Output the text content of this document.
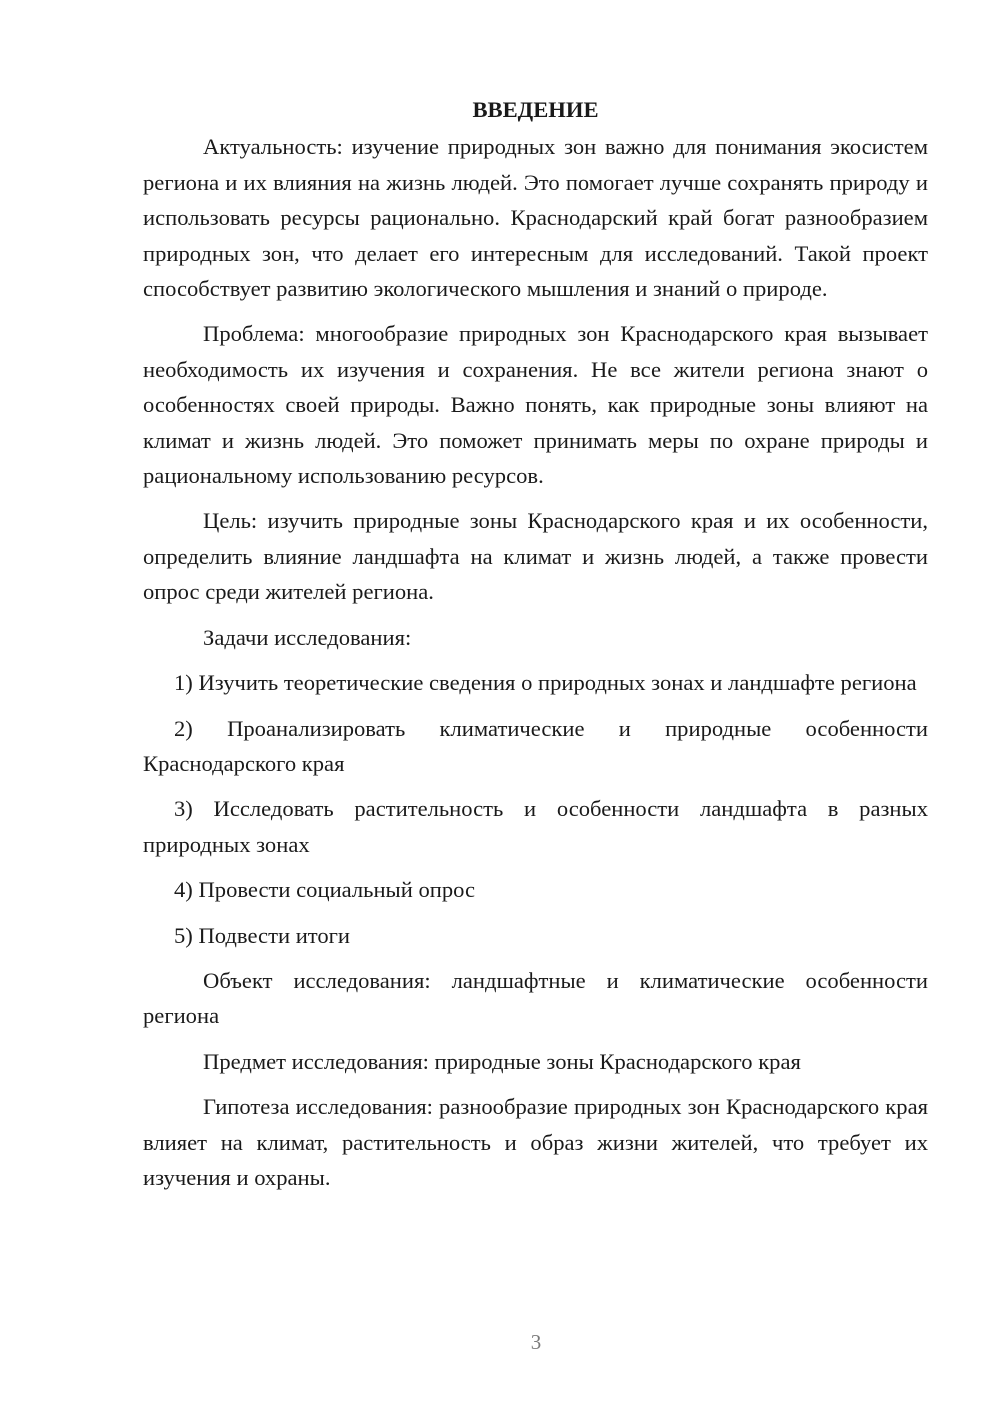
ВВЕДЕНИЕ

Актуальность: изучение природных зон важно для понимания экосистем региона и их влияния на жизнь людей. Это помогает лучше сохранять природу и использовать ресурсы рационально. Краснодарский край богат разнообразием природных зон, что делает его интересным для исследований. Такой проект способствует развитию экологического мышления и знаний о природе.

Проблема: многообразие природных зон Краснодарского края вызывает необходимость их изучения и сохранения. Не все жители региона знают о особенностях своей природы. Важно понять, как природные зоны влияют на климат и жизнь людей. Это поможет принимать меры по охране природы и рациональному использованию ресурсов.

Цель: изучить природные зоны Краснодарского края и их особенности, определить влияние ландшафта на климат и жизнь людей, а также провести опрос среди жителей региона.

Задачи исследования:

1) Изучить теоретические сведения о природных зонах и ландшафте региона

2) Проанализировать климатические и природные особенности Краснодарского края

3) Исследовать растительность и особенности ландшафта в разных природных зонах

4) Провести социальный опрос

5) Подвести итоги

Объект исследования: ландшафтные и климатические особенности региона

Предмет исследования: природные зоны Краснодарского края

Гипотеза исследования: разнообразие природных зон Краснодарского края влияет на климат, растительность и образ жизни жителей, что требует их изучения и охраны.

3
